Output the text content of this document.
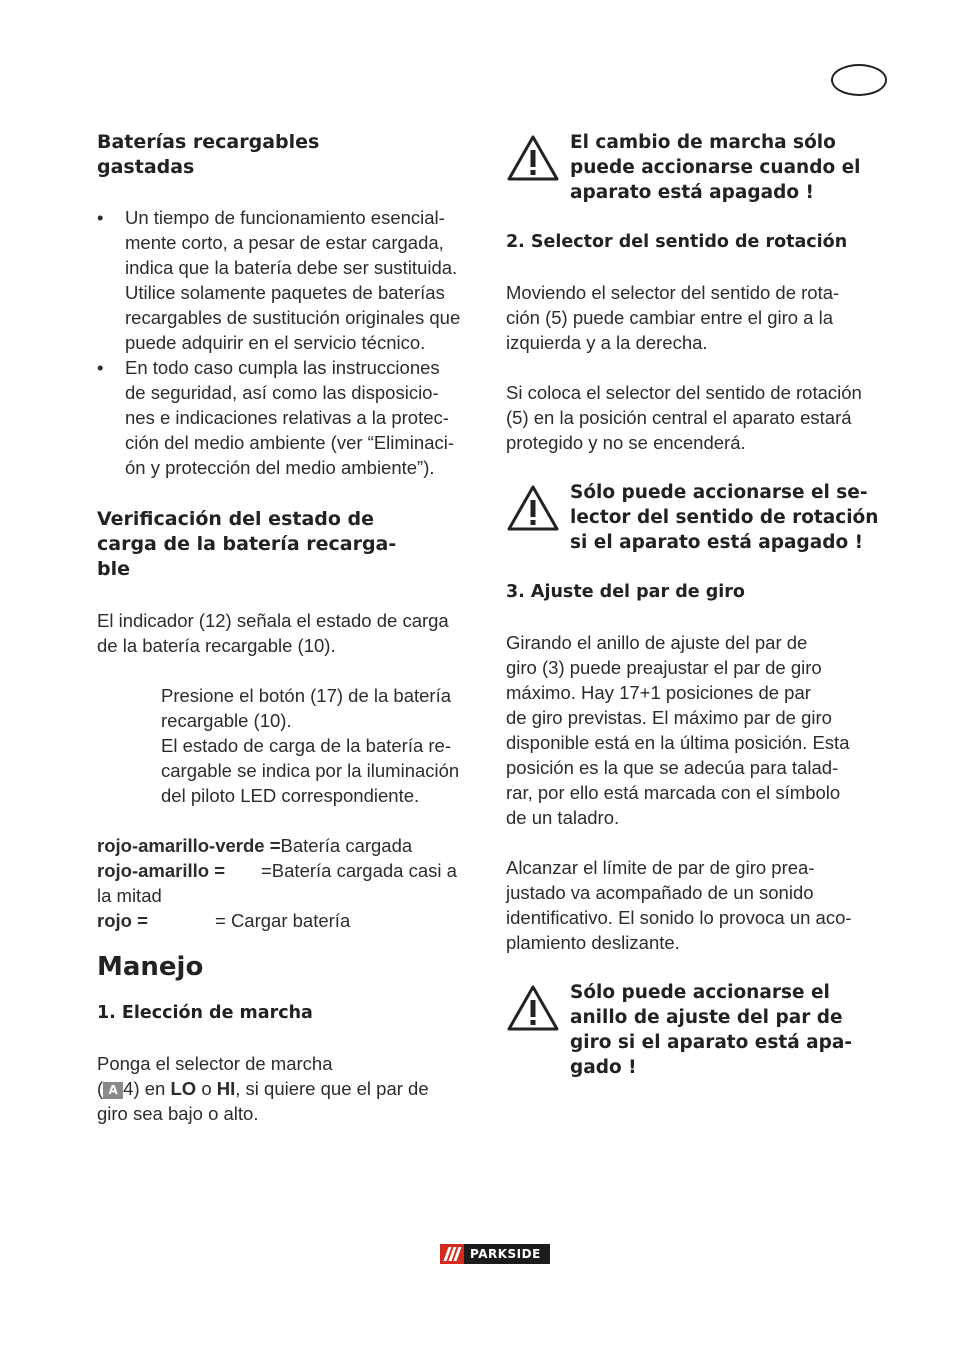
Baterías recargables
gastadas
• Un tiempo de funcionamiento esencial-
mente corto, a pesar de estar cargada,
indica que la batería debe ser sustituida.
Utilice solamente paquetes de baterías
recargables de sustitución originales que
puede adquirir en el servicio técnico.
• En todo caso cumpla las instrucciones
de seguridad, así como las disposicio-
nes e indicaciones relativas a la protec-
ción del medio ambiente (ver “Eliminaci-
ón y protección del medio ambiente”).
Verificación del estado de
carga de la batería recarga-
ble
El indicador (12) señala el estado de carga
de la batería recargable (10).
Presione el botón (17) de la batería
recargable (10).
El estado de carga de la batería re-
cargable se indica por la iluminación
del piloto LED correspondiente.
rojo-amarillo-verde =Batería cargada
rojo-amarillo = =Batería cargada casi a
la mitad
rojo =	= Cargar batería
Manejo
1. Elección de marcha
Ponga el selector de marcha
( A 4) en LO o HI, si quiere que el par de
giro sea bajo o alto.
El cambio de marcha sólo
puede accionarse cuando el
aparato está apagado !
2. Selector del sentido de rotación
Moviendo el selector del sentido de rota-
ción (5) puede cambiar entre el giro a la
izquierda y a la derecha.
Si coloca el selector del sentido de rotación
(5) en la posición central el aparato estará
protegido y no se encenderá.
Sólo puede accionarse el se-
lector del sentido de rotación
si el aparato está apagado !
3. Ajuste del par de giro
Girando el anillo de ajuste del par de
giro (3) puede preajustar el par de giro
máximo. Hay 17+1 posiciones de par
de giro previstas. El máximo par de giro
disponible está en la última posición. Esta
posición es la que se adecúa para talad-
rar, por ello está marcada con el símbolo
de un taladro.
Alcanzar el límite de par de giro prea-
justado va acompañado de un sonido
identificativo. El sonido lo provoca un aco-
plamiento deslizante.
Sólo puede accionarse el
anillo de ajuste del par de
giro si el aparato está apa-
gado !
PARKSIDE
